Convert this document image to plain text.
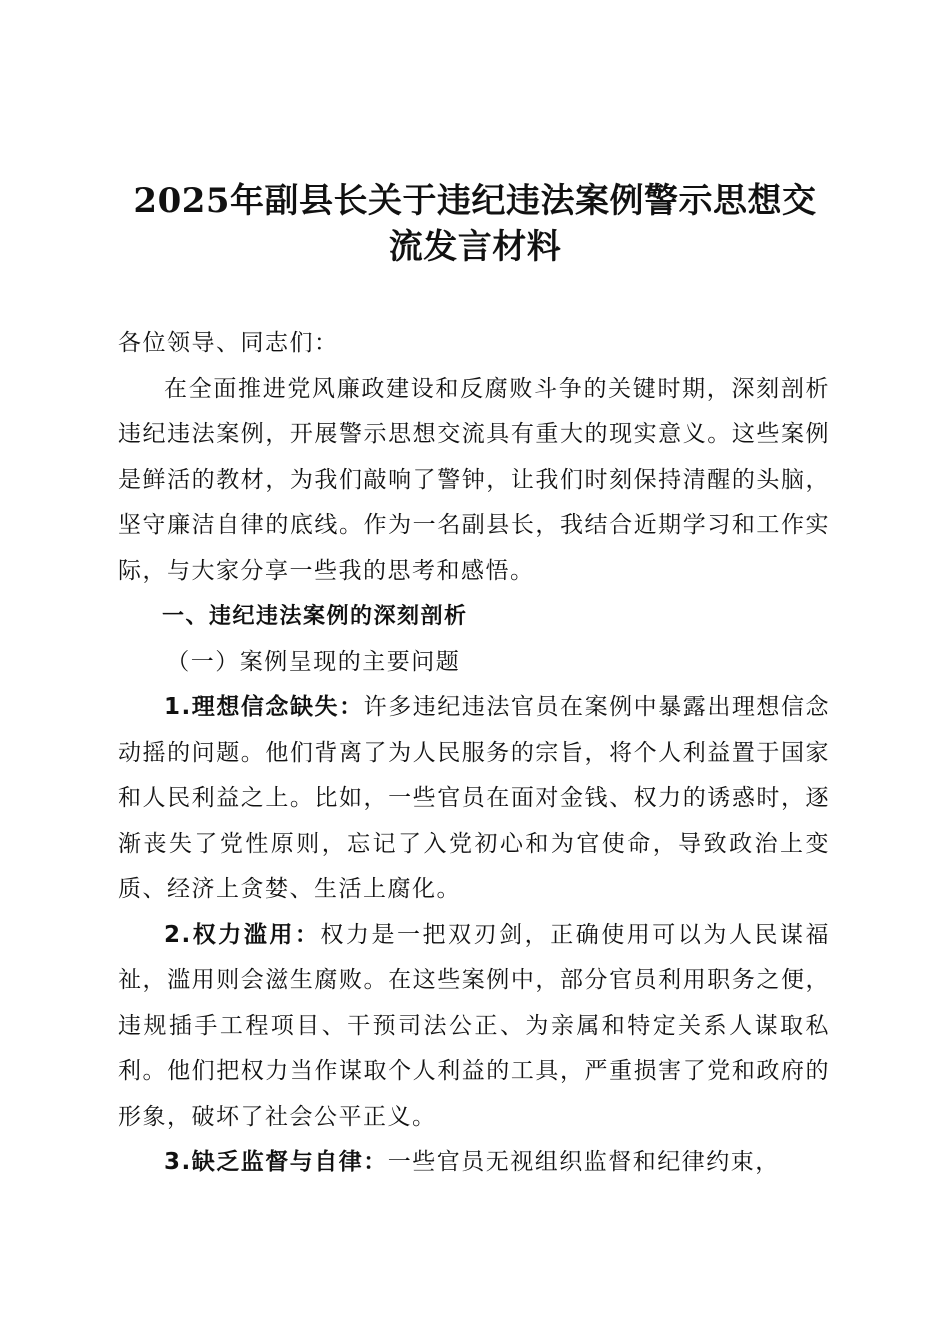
2025年副县长关于违纪违法案例警示思想交
流发言材料

各位领导、同志们：

在全面推进党风廉政建设和反腐败斗争的关键时期，深刻剖析违纪违法案例，开展警示思想交流具有重大的现实意义。这些案例是鲜活的教材，为我们敲响了警钟，让我们时刻保持清醒的头脑，坚守廉洁自律的底线。作为一名副县长，我结合近期学习和工作实际，与大家分享一些我的思考和感悟。

一、违纪违法案例的深刻剖析

（一）案例呈现的主要问题

1.理想信念缺失：许多违纪违法官员在案例中暴露出理想信念动摇的问题。他们背离了为人民服务的宗旨，将个人利益置于国家和人民利益之上。比如，一些官员在面对金钱、权力的诱惑时，逐渐丧失了党性原则，忘记了入党初心和为官使命，导致政治上变质、经济上贪婪、生活上腐化。

2.权力滥用：权力是一把双刃剑，正确使用可以为人民谋福祉，滥用则会滋生腐败。在这些案例中，部分官员利用职务之便，违规插手工程项目、干预司法公正、为亲属和特定关系人谋取私利。他们把权力当作谋取个人利益的工具，严重损害了党和政府的形象，破坏了社会公平正义。

3.缺乏监督与自律：一些官员无视组织监督和纪律约束，
